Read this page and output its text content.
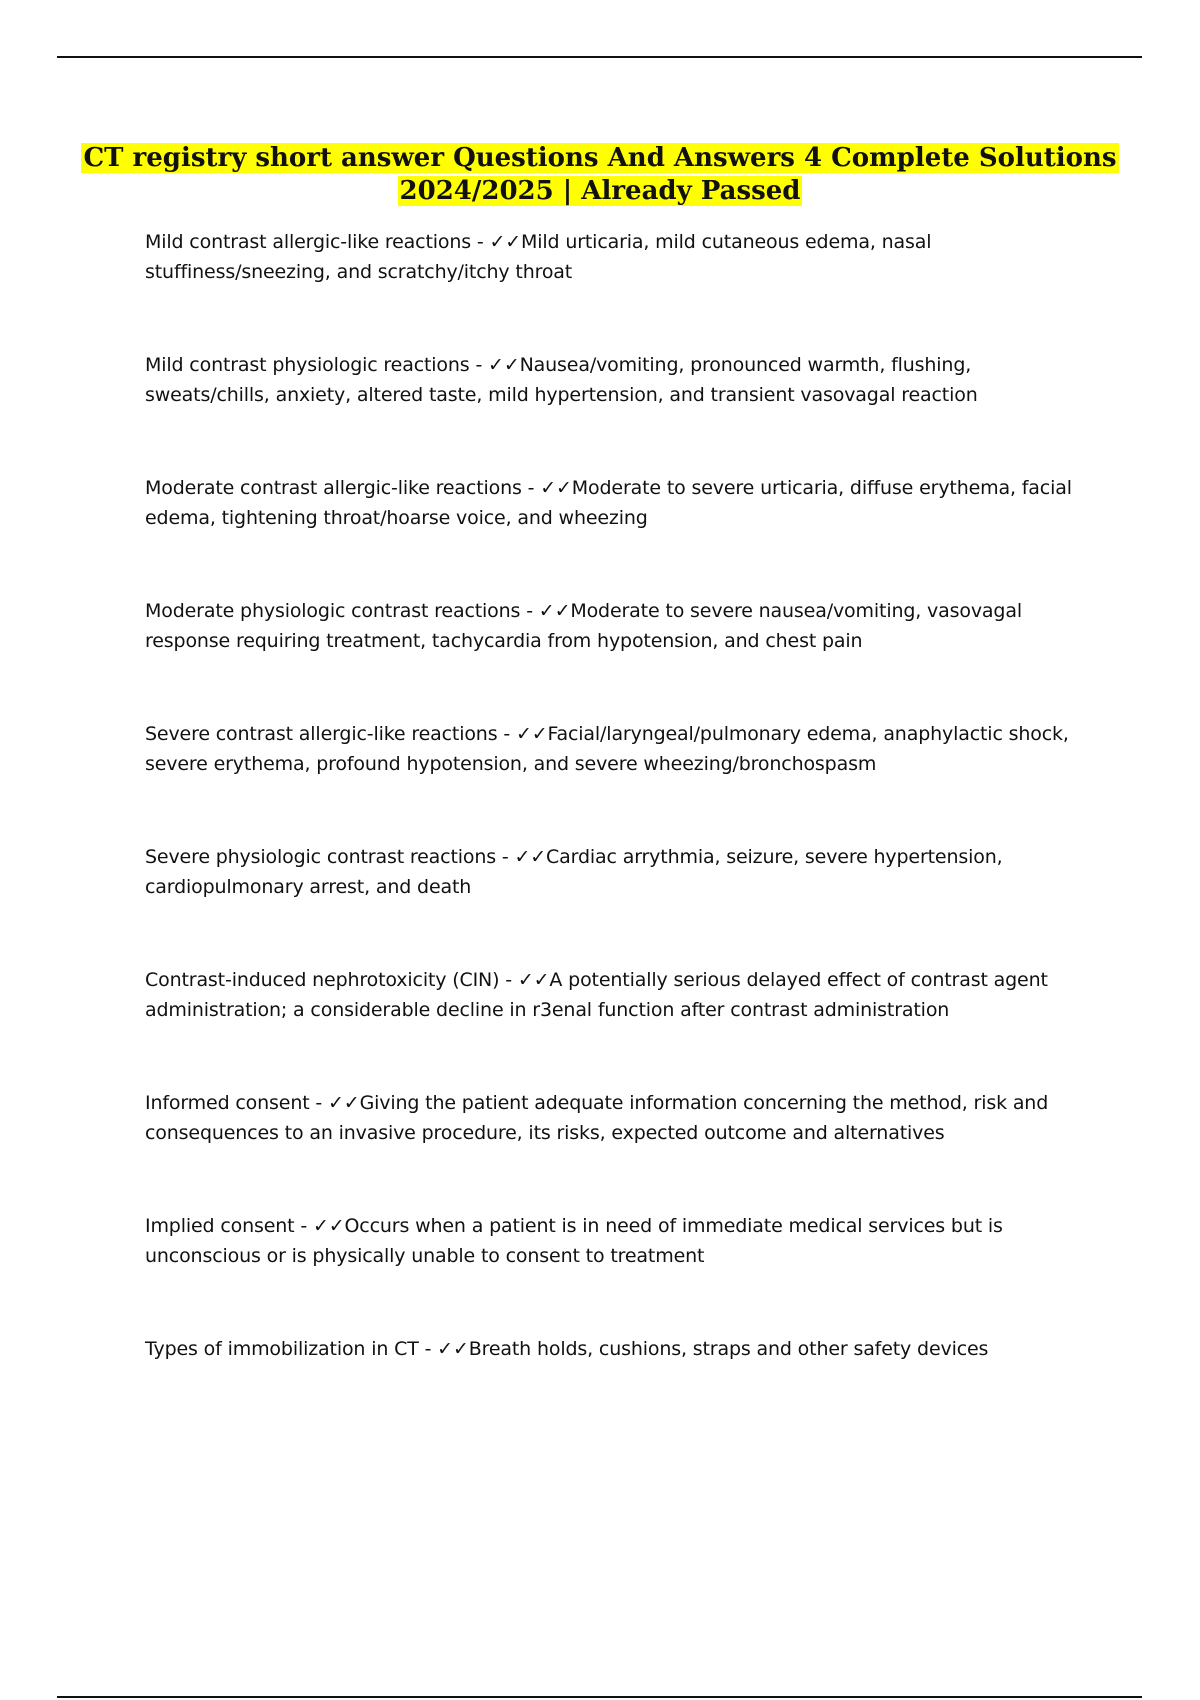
CT registry short answer Questions And Answers 4 Complete Solutions
2024/2025 | Already Passed
Mild contrast allergic-like reactions - ✓✓Mild urticaria, mild cutaneous edema, nasal stuffiness/sneezing, and scratchy/itchy throat
Mild contrast physiologic reactions - ✓✓Nausea/vomiting, pronounced warmth, flushing, sweats/chills, anxiety, altered taste, mild hypertension, and transient vasovagal reaction
Moderate contrast allergic-like reactions - ✓✓Moderate to severe urticaria, diffuse erythema, facial edema, tightening throat/hoarse voice, and wheezing
Moderate physiologic contrast reactions - ✓✓Moderate to severe nausea/vomiting, vasovagal response requiring treatment, tachycardia from hypotension, and chest pain
Severe contrast allergic-like reactions - ✓✓Facial/laryngeal/pulmonary edema, anaphylactic shock, severe erythema, profound hypotension, and severe wheezing/bronchospasm
Severe physiologic contrast reactions - ✓✓Cardiac arrythmia, seizure, severe hypertension, cardiopulmonary arrest, and death
Contrast-induced nephrotoxicity (CIN) - ✓✓A potentially serious delayed effect of contrast agent administration; a considerable decline in r3enal function after contrast administration
Informed consent - ✓✓Giving the patient adequate information concerning the method, risk and consequences to an invasive procedure, its risks, expected outcome and alternatives
Implied consent - ✓✓Occurs when a patient is in need of immediate medical services but is unconscious or is physically unable to consent to treatment
Types of immobilization in CT - ✓✓Breath holds, cushions, straps and other safety devices
